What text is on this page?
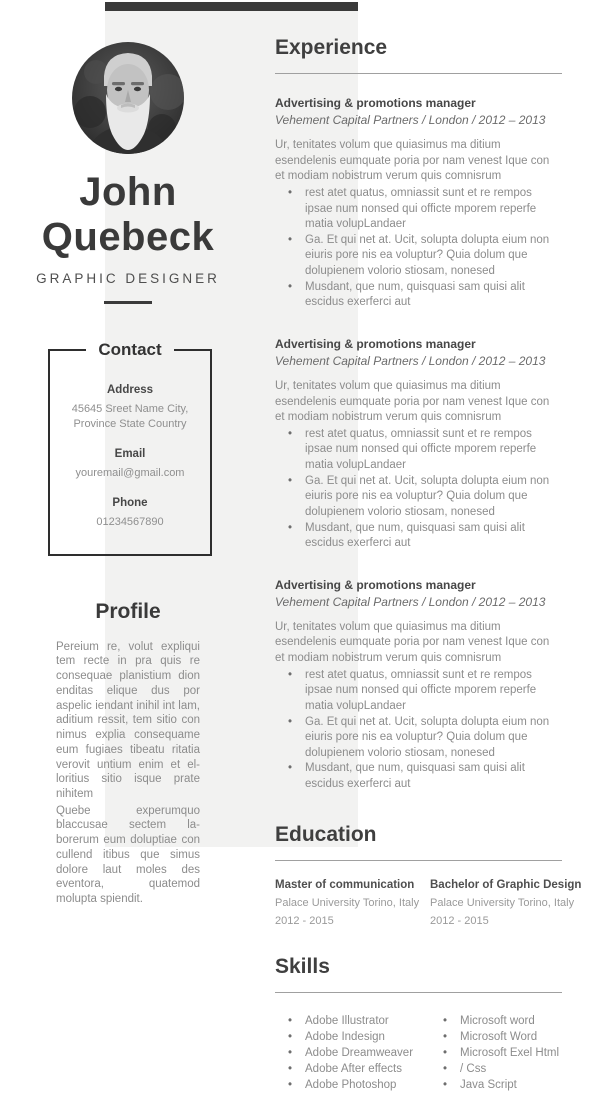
John
Quebeck
GRAPHIC DESIGNER
Contact
Address
45645 Sreet Name City, Province State Country
Email
youremail@gmail.com
Phone
01234567890
Profile

Pereium re, volut expliqui tem recte in pra quis re consequae planistium dion enditas elique dus por aspelic iendant inihil int lam, aditium ressit, tem sitio con nimus explia consequame eum fugiaes tibeatu ritatia verovit untium enim et el- loritius sitio isque prate nihitem

Quebe experumquo blaccusae sectem la- borerum eum doluptiae con cullend itibus que simus dolore laut moles des eventora, quatemod molupta spiendit.

Experience

Advertising & promotions manager

Vehement Capital Partners / London / 2012 – 2013

Ur, tenitates volum que quiasimus ma ditium esendelenis eumquate poria por nam venest Ique con et modiam nobistrum verum quis comnisrum

• rest atet quatus, omniassit sunt et re rempos ipsae num nonsed qui officte mporem reperfe matia volupLandaer
• Ga. Et qui net at. Ucit, solupta dolupta eium non eiuris pore nis ea voluptur? Quia dolum que dolupienem volorio stiosam, nonesed
• Musdant, que num, quisquasi sam quisi alit escidus exerferci aut

Advertising & promotions manager

Vehement Capital Partners / London / 2012 – 2013

Ur, tenitates volum que quiasimus ma ditium esendelenis eumquate poria por nam venest Ique con et modiam nobistrum verum quis comnisrum

• rest atet quatus, omniassit sunt et re rempos ipsae num nonsed qui officte mporem reperfe matia volupLandaer
• Ga. Et qui net at. Ucit, solupta dolupta eium non eiuris pore nis ea voluptur? Quia dolum que dolupienem volorio stiosam, nonesed
• Musdant, que num, quisquasi sam quisi alit escidus exerferci aut

Advertising & promotions manager

Vehement Capital Partners / London / 2012 – 2013

Ur, tenitates volum que quiasimus ma ditium esendelenis eumquate poria por nam venest Ique con et modiam nobistrum verum quis comnisrum

• rest atet quatus, omniassit sunt et re rempos ipsae num nonsed qui officte mporem reperfe matia volupLandaer
• Ga. Et qui net at. Ucit, solupta dolupta eium non eiuris pore nis ea voluptur? Quia dolum que dolupienem volorio stiosam, nonesed
• Musdant, que num, quisquasi sam quisi alit escidus exerferci aut
Education

Master of communication

Palace University Torino, Italy

2012 - 2015

Bachelor of Graphic Design

Palace University Torino, Italy

2012 - 2015

Skills
• Adobe Illustrator
• Adobe Indesign
• Adobe Dreamweaver
• Adobe After effects
• Adobe Photoshop
• Microsoft word
• Microsoft Word
• Microsoft Exel Html
• / Css
• Java Script
